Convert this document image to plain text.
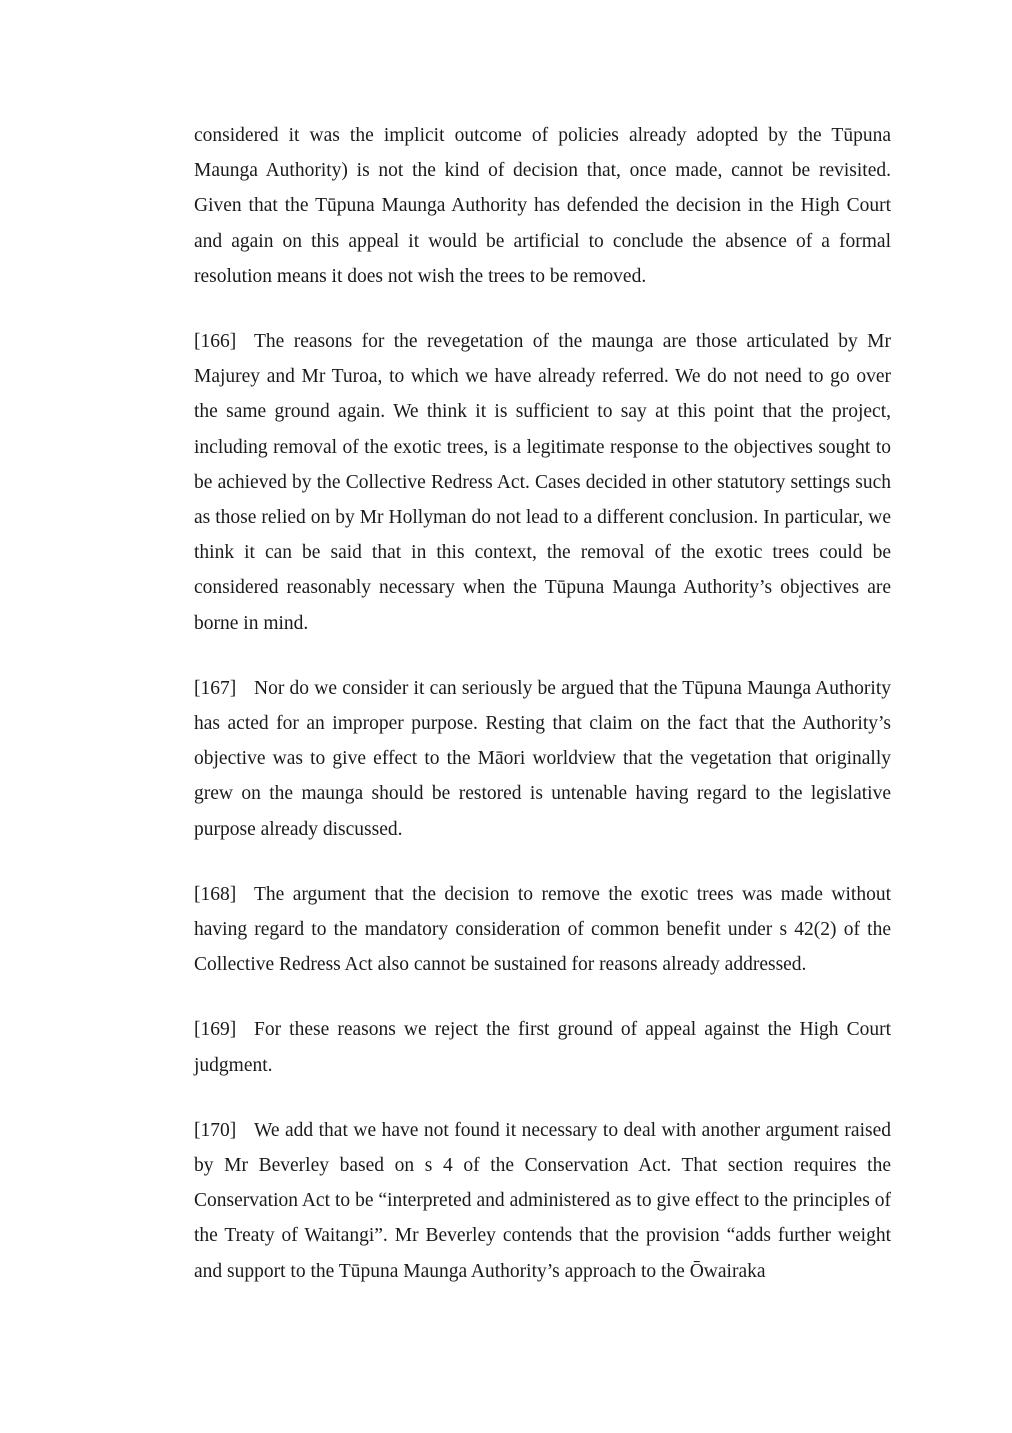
considered it was the implicit outcome of policies already adopted by the Tūpuna Maunga Authority) is not the kind of decision that, once made, cannot be revisited. Given that the Tūpuna Maunga Authority has defended the decision in the High Court and again on this appeal it would be artificial to conclude the absence of a formal resolution means it does not wish the trees to be removed.

[166] The reasons for the revegetation of the maunga are those articulated by Mr Majurey and Mr Turoa, to which we have already referred. We do not need to go over the same ground again. We think it is sufficient to say at this point that the project, including removal of the exotic trees, is a legitimate response to the objectives sought to be achieved by the Collective Redress Act. Cases decided in other statutory settings such as those relied on by Mr Hollyman do not lead to a different conclusion. In particular, we think it can be said that in this context, the removal of the exotic trees could be considered reasonably necessary when the Tūpuna Maunga Authority’s objectives are borne in mind.

[167] Nor do we consider it can seriously be argued that the Tūpuna Maunga Authority has acted for an improper purpose. Resting that claim on the fact that the Authority’s objective was to give effect to the Māori worldview that the vegetation that originally grew on the maunga should be restored is untenable having regard to the legislative purpose already discussed.

[168] The argument that the decision to remove the exotic trees was made without having regard to the mandatory consideration of common benefit under s 42(2) of the Collective Redress Act also cannot be sustained for reasons already addressed.

[169] For these reasons we reject the first ground of appeal against the High Court judgment.

[170] We add that we have not found it necessary to deal with another argument raised by Mr Beverley based on s 4 of the Conservation Act. That section requires the Conservation Act to be “interpreted and administered as to give effect to the principles of the Treaty of Waitangi”. Mr Beverley contends that the provision “adds further weight and support to the Tūpuna Maunga Authority’s approach to the Ōwairaka
